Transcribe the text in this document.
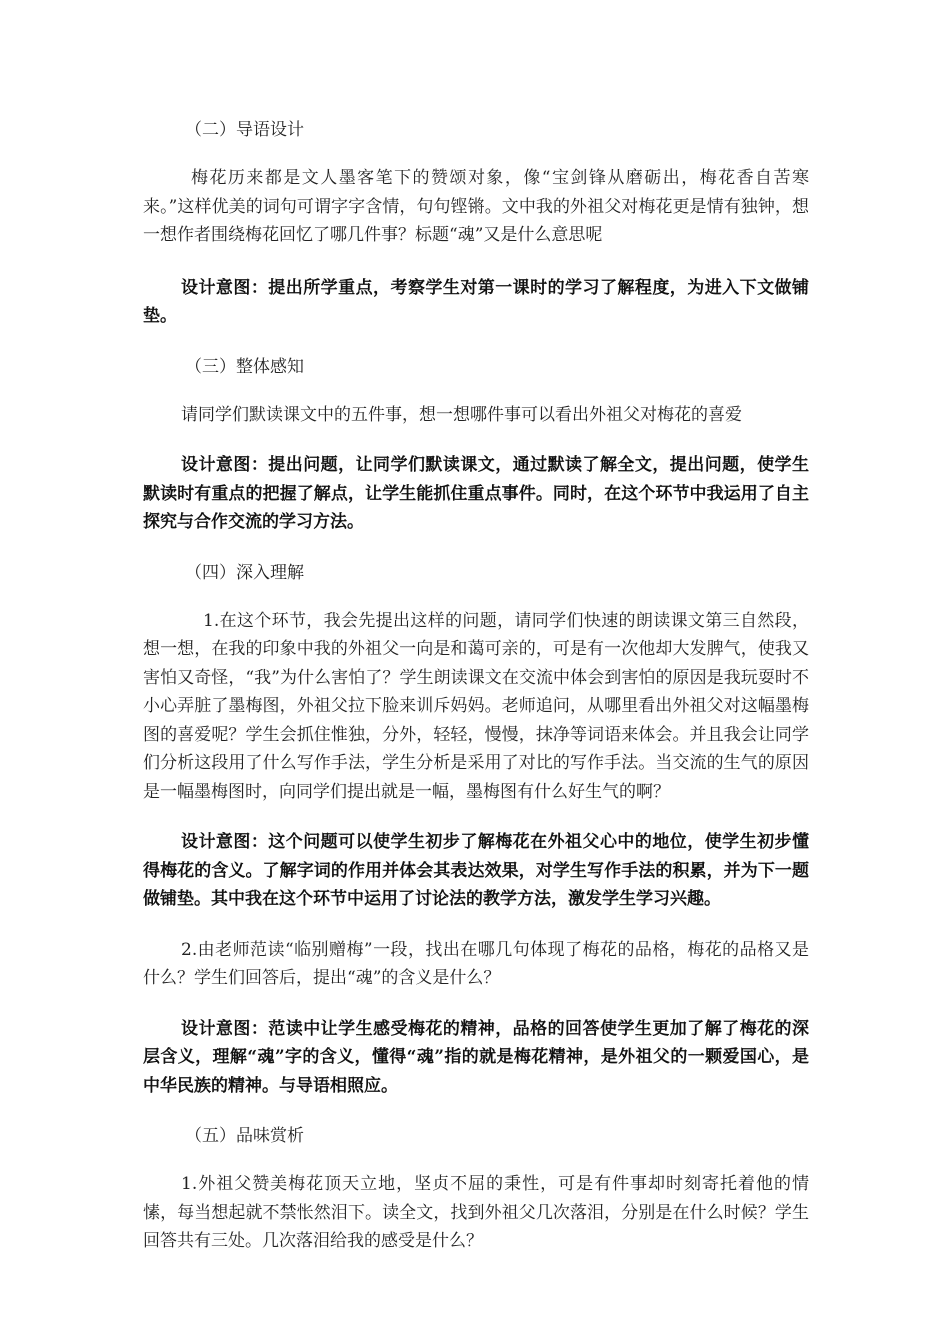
（二）导语设计

梅花历来都是文人墨客笔下的赞颂对象，像“宝剑锋从磨砺出，梅花香自苦寒来。”这样优美的词句可谓字字含情，句句铿锵。文中我的外祖父对梅花更是情有独钟，想一想作者围绕梅花回忆了哪几件事？标题“魂”又是什么意思呢

设计意图：提出所学重点，考察学生对第一课时的学习了解程度，为进入下文做铺垫。

（三）整体感知

请同学们默读课文中的五件事，想一想哪件事可以看出外祖父对梅花的喜爱

设计意图：提出问题，让同学们默读课文，通过默读了解全文，提出问题，使学生默读时有重点的把握了解点，让学生能抓住重点事件。同时，在这个环节中我运用了自主探究与合作交流的学习方法。

（四）深入理解

1.在这个环节，我会先提出这样的问题，请同学们快速的朗读课文第三自然段，想一想，在我的印象中我的外祖父一向是和蔼可亲的，可是有一次他却大发脾气，使我又害怕又奇怪，“我”为什么害怕了？学生朗读课文在交流中体会到害怕的原因是我玩耍时不小心弄脏了墨梅图，外祖父拉下脸来训斥妈妈。老师追问，从哪里看出外祖父对这幅墨梅图的喜爱呢？学生会抓住惟独，分外，轻轻，慢慢，抹净等词语来体会。并且我会让同学们分析这段用了什么写作手法，学生分析是采用了对比的写作手法。当交流的生气的原因是一幅墨梅图时，向同学们提出就是一幅，墨梅图有什么好生气的啊？

设计意图：这个问题可以使学生初步了解梅花在外祖父心中的地位，使学生初步懂得梅花的含义。了解字词的作用并体会其表达效果，对学生写作手法的积累，并为下一题做铺垫。其中我在这个环节中运用了讨论法的教学方法，激发学生学习兴趣。

2.由老师范读“临别赠梅”一段，找出在哪几句体现了梅花的品格，梅花的品格又是什么？学生们回答后，提出“魂”的含义是什么？

设计意图：范读中让学生感受梅花的精神，品格的回答使学生更加了解了梅花的深层含义，理解“魂”字的含义，懂得“魂”指的就是梅花精神，是外祖父的一颗爱国心，是中华民族的精神。与导语相照应。

（五）品味赏析

1.外祖父赞美梅花顶天立地，坚贞不屈的秉性，可是有件事却时刻寄托着他的情愫，每当想起就不禁怅然泪下。读全文，找到外祖父几次落泪，分别是在什么时候？学生回答共有三处。几次落泪给我的感受是什么？
